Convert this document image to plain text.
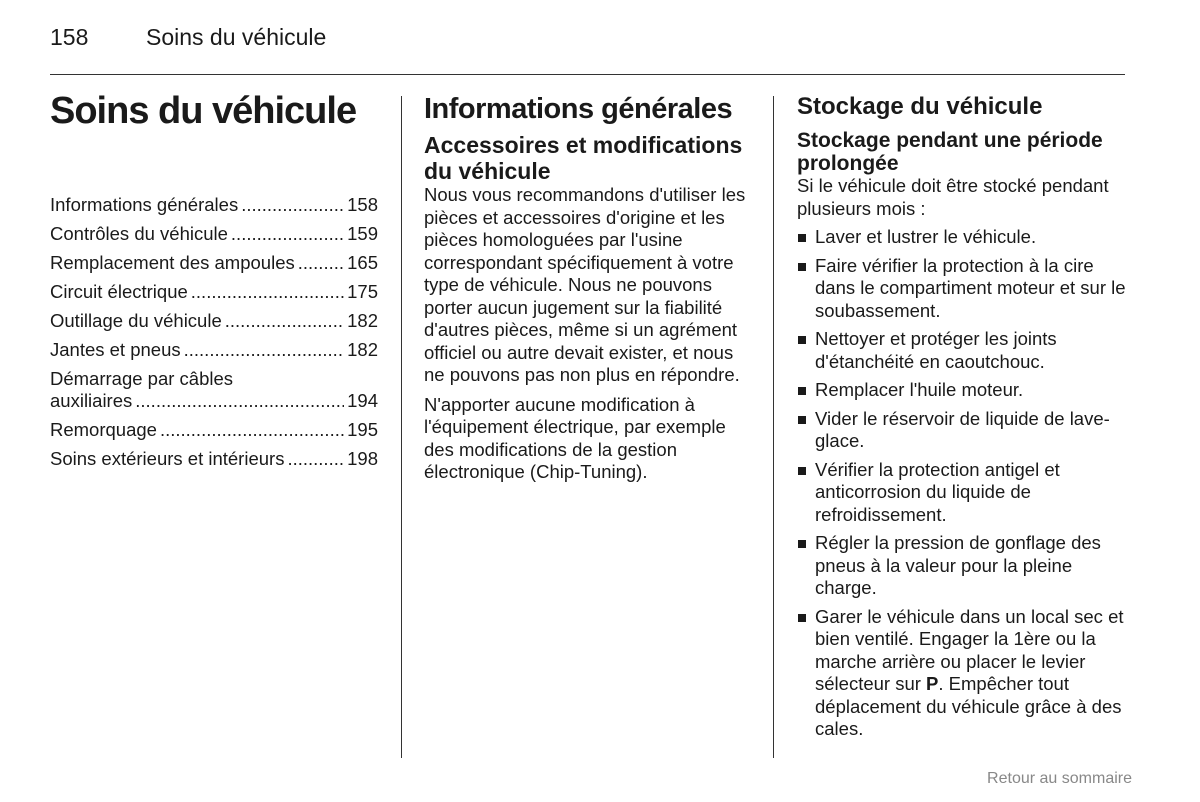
158	Soins du véhicule
Soins du véhicule
Informations générales .....	158
Contrôles du véhicule .....	159
Remplacement des ampoules .....	165
Circuit électrique .....	175
Outillage du véhicule .....	182
Jantes et pneus .....	182
Démarrage par câbles
auxiliaires .....	194
Remorquage .....	195
Soins extérieurs et intérieurs .....	198
Informations générales
Accessoires et modifications du véhicule

Nous vous recommandons d'utiliser les pièces et accessoires d'origine et les pièces homologuées par l'usine correspondant spécifiquement à votre type de véhicule. Nous ne pouvons porter aucun jugement sur la fiabilité d'autres pièces, même si un agrément officiel ou autre devait exister, et nous ne pouvons pas non plus en répondre.

N'apporter aucune modification à l'équipement électrique, par exemple des modifications de la gestion électronique (Chip-Tuning).

Stockage du véhicule
Stockage pendant une période prolongée

Si le véhicule doit être stocké pendant plusieurs mois :

Laver et lustrer le véhicule.
Faire vérifier la protection à la cire dans le compartiment moteur et sur le soubassement.
Nettoyer et protéger les joints d'étanchéité en caoutchouc.
Remplacer l'huile moteur.
Vider le réservoir de liquide de lave-glace.
Vérifier la protection antigel et anticorrosion du liquide de refroidissement.
Régler la pression de gonflage des pneus à la valeur pour la pleine charge.
Garer le véhicule dans un local sec et bien ventilé. Engager la 1ère ou la marche arrière ou placer le levier sélecteur sur P. Empêcher tout déplacement du véhicule grâce à des cales.
Retour au sommaire
